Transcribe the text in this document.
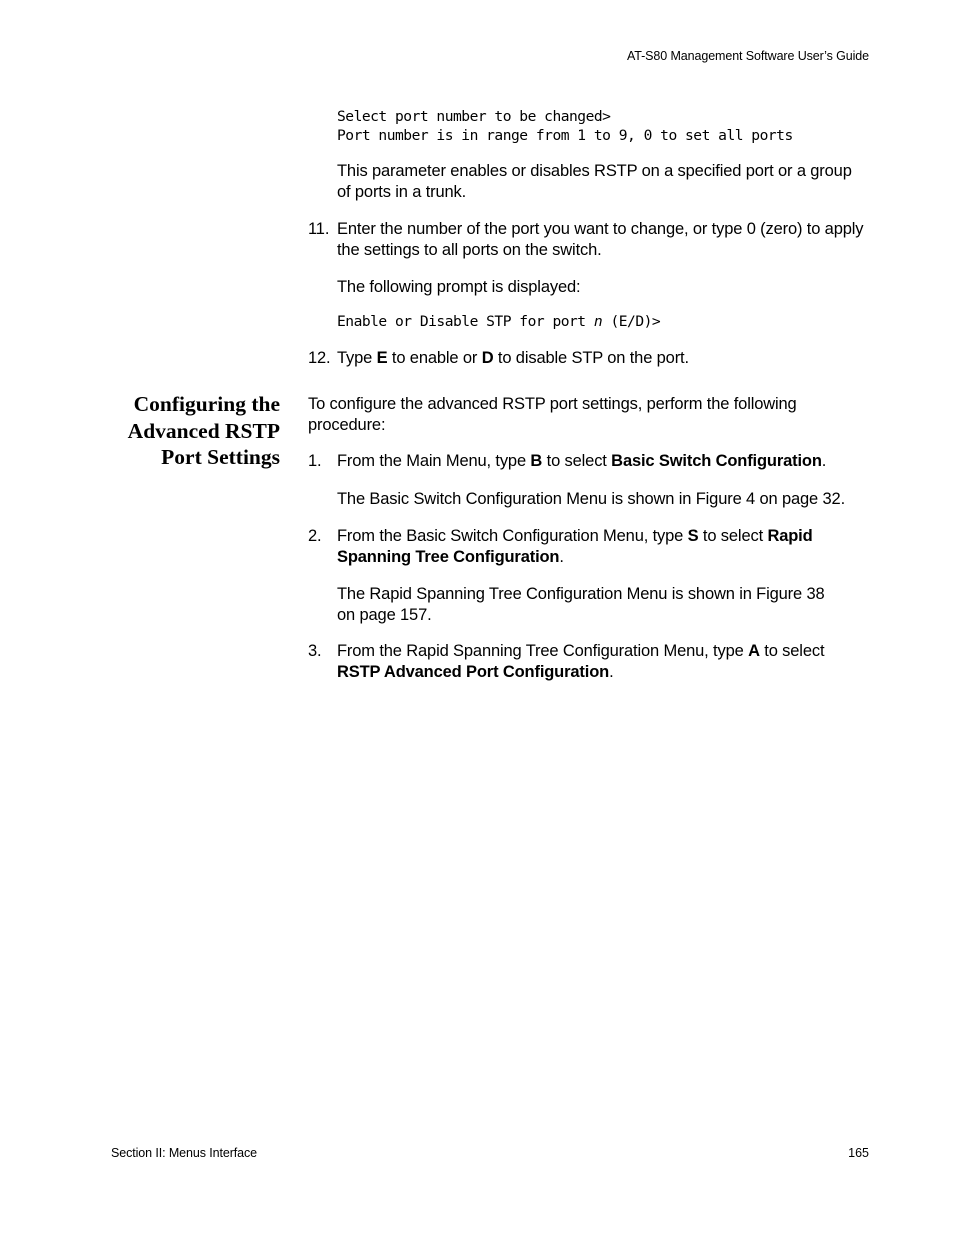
AT-S80 Management Software User’s Guide
Select port number to be changed>
Port number is in range from 1 to 9, 0 to set all ports
This parameter enables or disables RSTP on a specified port or a group of ports in a trunk.
11. Enter the number of the port you want to change, or type 0 (zero) to apply the settings to all ports on the switch.
The following prompt is displayed:
Enable or Disable STP for port n (E/D)>
12. Type E to enable or D to disable STP on the port.
Configuring the
Advanced RSTP
Port Settings
To configure the advanced RSTP port settings, perform the following procedure:
1. From the Main Menu, type B to select Basic Switch Configuration.
The Basic Switch Configuration Menu is shown in Figure 4 on page 32.
2. From the Basic Switch Configuration Menu, type S to select Rapid
Spanning Tree Configuration.
The Rapid Spanning Tree Configuration Menu is shown in Figure 38
on page 157.
3. From the Rapid Spanning Tree Configuration Menu, type A to select
RSTP Advanced Port Configuration.
Section II: Menus Interface	165
